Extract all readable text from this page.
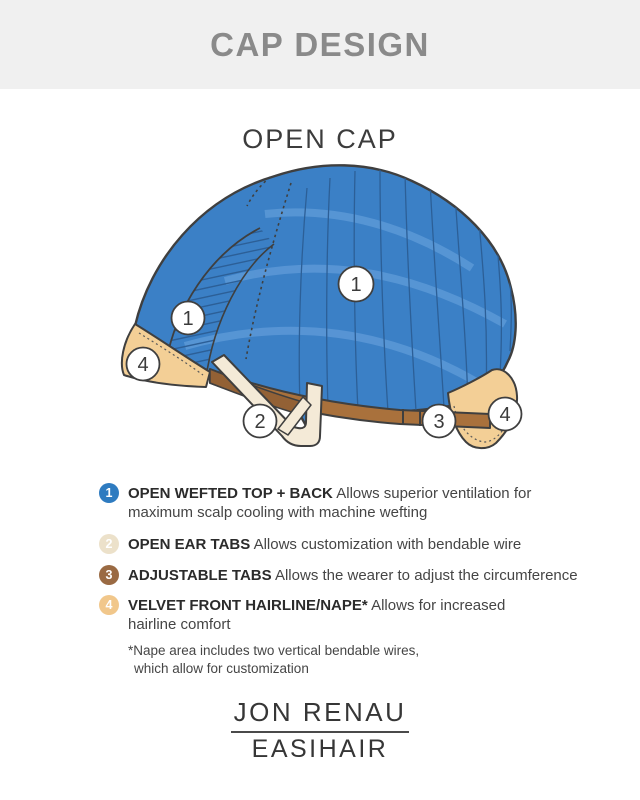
CAP DESIGN
OPEN CAP
1
1
2	3
4
4
1	OPEN WEFTED TOP + BACK Allows superior ventilation for
maximum scalp cooling with machine wefting
2	OPEN EAR TABS Allows customization with bendable wire
3	ADJUSTABLE TABS Allows the wearer to adjust the circumference
4	VELVET FRONT HAIRLINE/NAPE* Allows for increased
hairline comfort
*Nape area includes two vertical bendable wires,
which allow for customization
JON RENAU
EASIHAIR
